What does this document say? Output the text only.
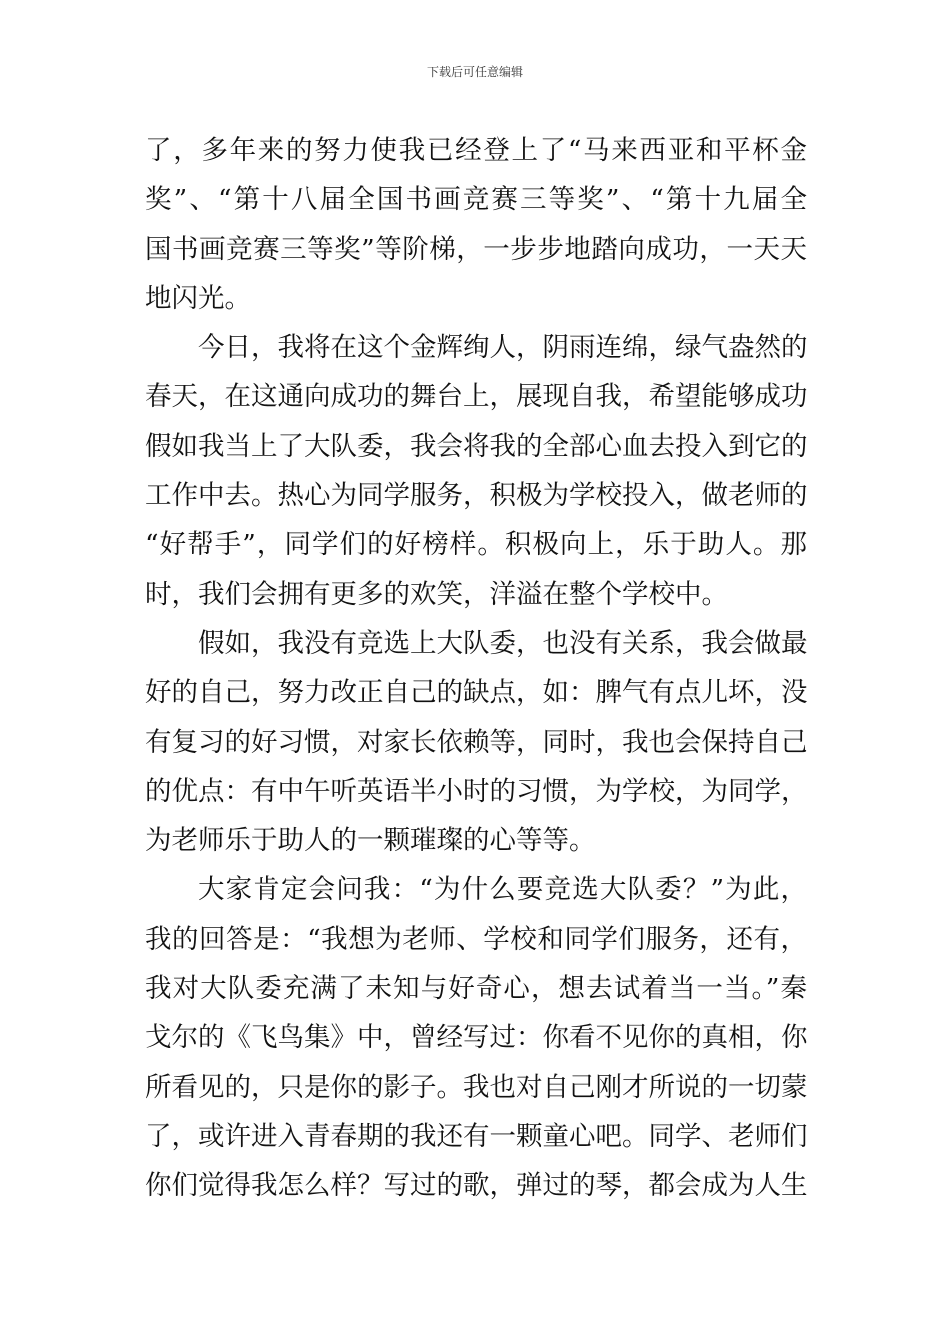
下载后可任意编辑
了，多年来的努力使我已经登上了“马来西亚和平杯金
奖”、“第十八届全国书画竞赛三等奖”、“第十九届全
国书画竞赛三等奖”等阶梯，一步步地踏向成功，一天天
地闪光。
今日，我将在这个金辉绚人，阴雨连绵，绿气盎然的
春天，在这通向成功的舞台上，展现自我，希望能够成功
假如我当上了大队委，我会将我的全部心血去投入到它的
工作中去。热心为同学服务，积极为学校投入，做老师的
“好帮手”，同学们的好榜样。积极向上，乐于助人。那
时，我们会拥有更多的欢笑，洋溢在整个学校中。
假如，我没有竞选上大队委，也没有关系，我会做最
好的自己，努力改正自己的缺点，如：脾气有点儿坏，没
有复习的好习惯，对家长依赖等，同时，我也会保持自己
的优点：有中午听英语半小时的习惯，为学校，为同学，
为老师乐于助人的一颗璀璨的心等等。
大家肯定会问我：“为什么要竞选大队委？”为此，
我的回答是：“我想为老师、学校和同学们服务，还有，
我对大队委充满了未知与好奇心，想去试着当一当。”秦
戈尔的《飞鸟集》中，曾经写过：你看不见你的真相，你
所看见的，只是你的影子。我也对自己刚才所说的一切蒙
了，或许进入青春期的我还有一颗童心吧。同学、老师们
你们觉得我怎么样？写过的歌，弹过的琴，都会成为人生
